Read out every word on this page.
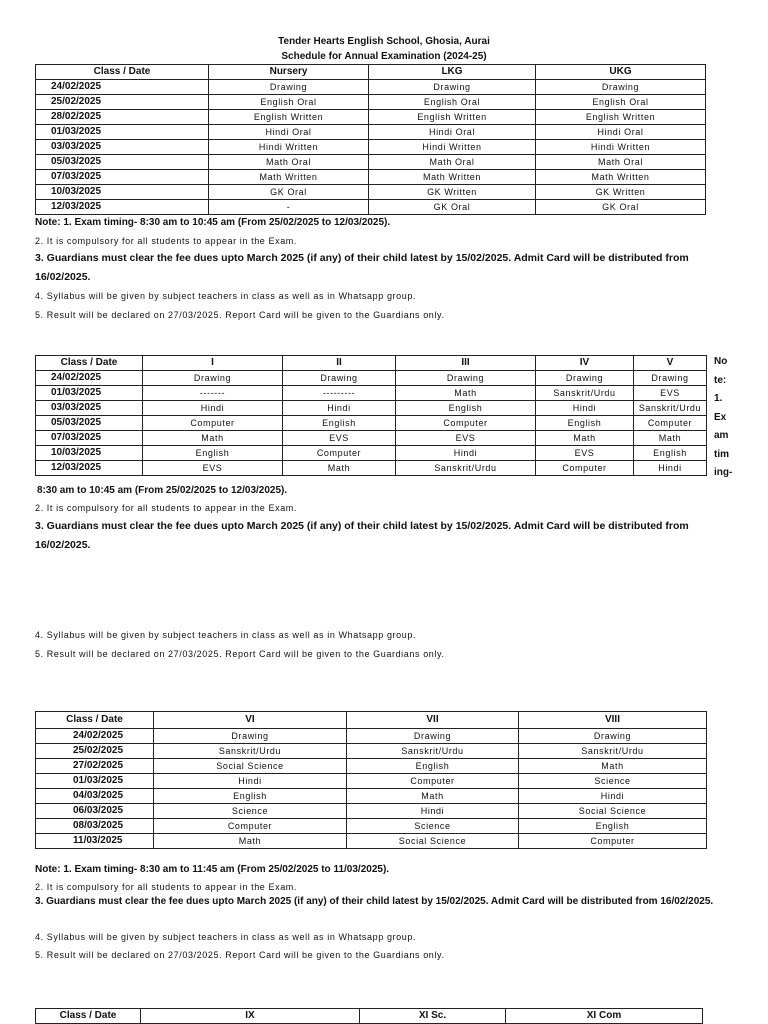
Tender Hearts English School, Ghosia, Aurai
Schedule for Annual Examination (2024-25)
Class / Date	Nursery	LKG	UKG
24/02/2025	Drawing	Drawing	Drawing
25/02/2025	English Oral	English Oral	English Oral
28/02/2025	English Written	English Written	English Written
01/03/2025	Hindi Oral	Hindi Oral	Hindi Oral
03/03/2025	Hindi Written	Hindi Written	Hindi Written
05/03/2025	Math Oral	Math Oral	Math Oral
07/03/2025	Math Written	Math Written	Math Written
10/03/2025	GK Oral	GK Written	GK Written
12/03/2025	-	GK Oral	GK Oral
Note: 1. Exam timing- 8:30 am to 10:45 am (From 25/02/2025 to 12/03/2025).
2. It is compulsory for all students to appear in the Exam.
3. Guardians must clear the fee dues upto March 2025 (if any) of their child latest by 15/02/2025. Admit Card will be distributed from 16/02/2025.
4. Syllabus will be given by subject teachers in class as well as in Whatsapp group.
5. Result will be declared on 27/03/2025. Report Card will be given to the Guardians only.
Class / Date	I	II	III	IV	V
24/02/2025	Drawing	Drawing	Drawing	Drawing	Drawing
01/03/2025	-------	---------	Math	Sanskrit/Urdu	EVS
03/03/2025	Hindi	Hindi	English	Hindi	Sanskrit/Urdu
05/03/2025	Computer	English	Computer	English	Computer
07/03/2025	Math	EVS	EVS	Math	Math
10/03/2025	English	Computer	Hindi	EVS	English
12/03/2025	EVS	Math	Sanskrit/Urdu	Computer	Hindi
No
te:
1.
Ex
am
tim
ing-
8:30 am to 10:45 am (From 25/02/2025 to 12/03/2025).
2. It is compulsory for all students to appear in the Exam.
3. Guardians must clear the fee dues upto March 2025 (if any) of their child latest by 15/02/2025. Admit Card will be distributed from 16/02/2025.
4. Syllabus will be given by subject teachers in class as well as in Whatsapp group.
5. Result will be declared on 27/03/2025. Report Card will be given to the Guardians only.
Class / Date	VI	VII	VIII
24/02/2025	Drawing	Drawing	Drawing
25/02/2025	Sanskrit/Urdu	Sanskrit/Urdu	Sanskrit/Urdu
27/02/2025	Social Science	English	Math
01/03/2025	Hindi	Computer	Science
04/03/2025	English	Math	Hindi
06/03/2025	Science	Hindi	Social Science
08/03/2025	Computer	Science	English
11/03/2025	Math	Social Science	Computer
Note: 1. Exam timing- 8:30 am to 11:45 am (From 25/02/2025 to 11/03/2025).
2. It is compulsory for all students to appear in the Exam.
3. Guardians must clear the fee dues upto March 2025 (if any) of their child latest by 15/02/2025. Admit Card will be distributed from 16/02/2025.
4. Syllabus will be given by subject teachers in class as well as in Whatsapp group.
5. Result will be declared on 27/03/2025. Report Card will be given to the Guardians only.
Class / Date	IX	XI Sc.	XI Com
